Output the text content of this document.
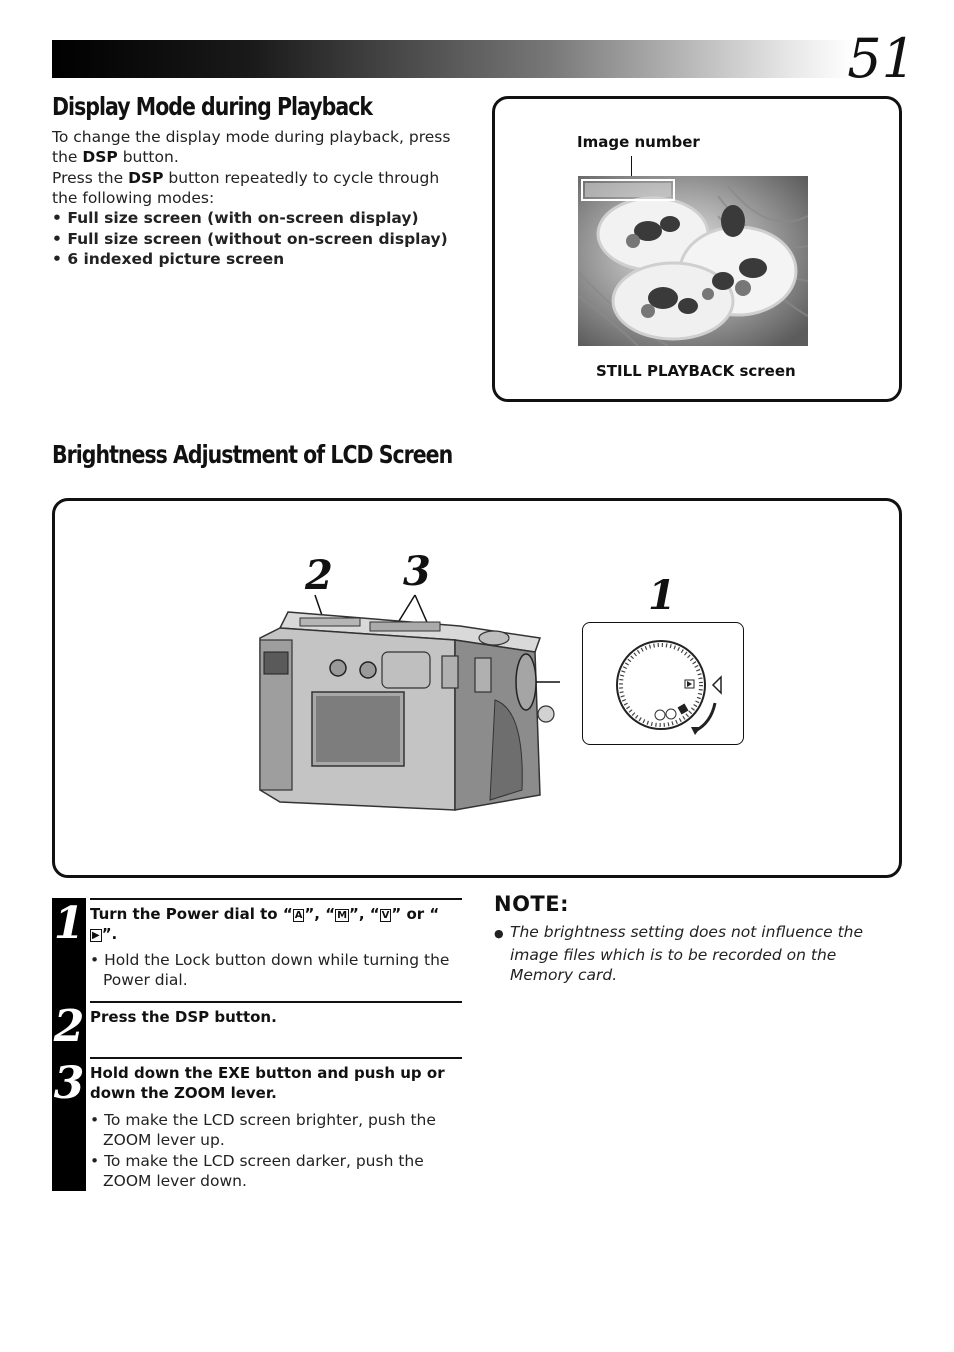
51
Display Mode during Playback
To change the display mode during playback, press the DSP button.
Press the DSP button repeatedly to cycle through the following modes:
• Full size screen (with on-screen display)
• Full size screen (without on-screen display)
• 6 indexed picture screen
Image number
STILL PLAYBACK screen
Brightness Adjustment of LCD Screen
2 3
1
1
2
3
Turn the Power dial to “ A ”, “ M ”, “ V ” or “▶ ”.
• Hold the Lock button down while turning the Power dial.
Press the DSP button.
Hold down the EXE button and push up or down the ZOOM lever.
• To make the LCD screen brighter, push the ZOOM lever up.
• To make the LCD screen darker, push the ZOOM lever down.
NOTE:
● The brightness setting does not influence the image files which is to be recorded on the Memory card.
